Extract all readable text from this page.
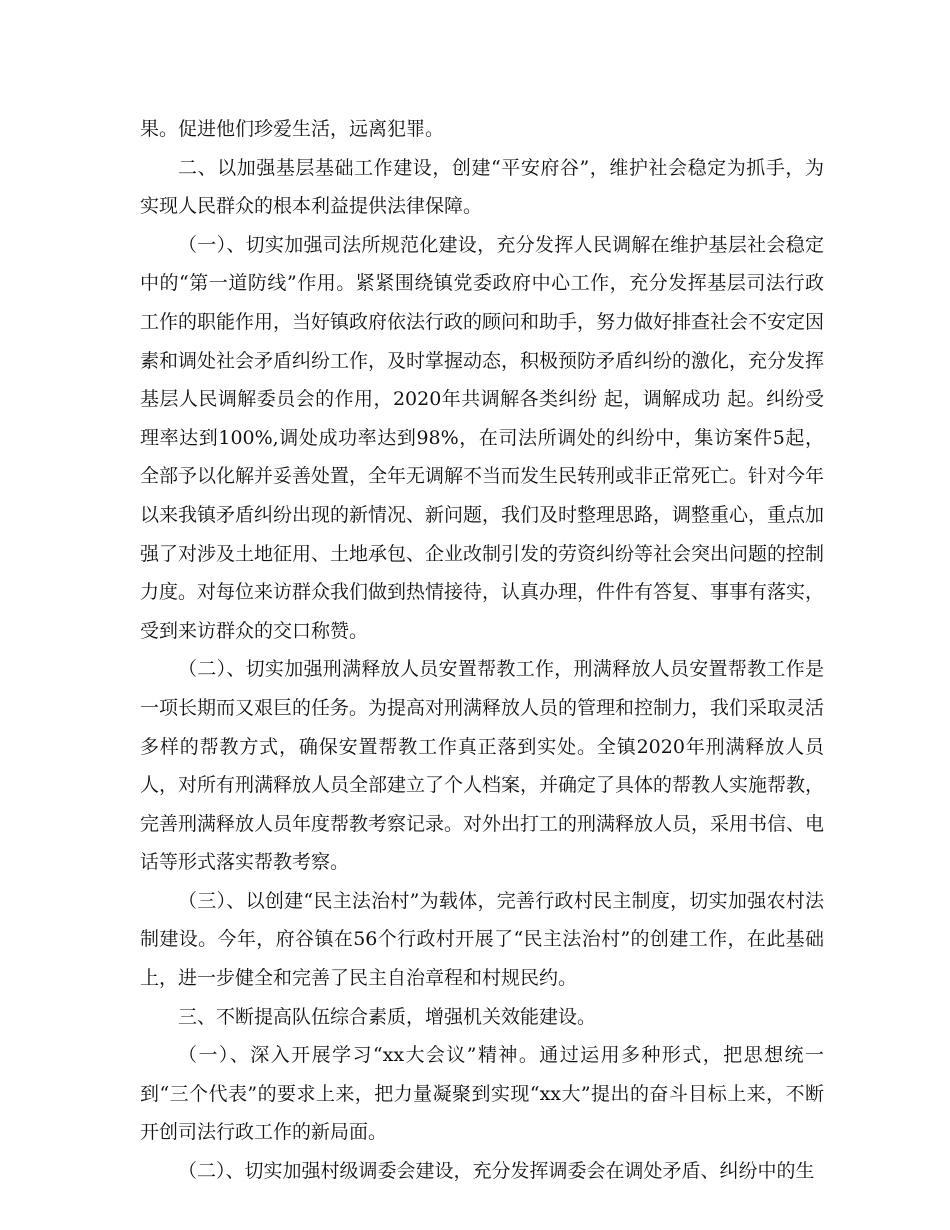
果。促进他们珍爱生活，远离犯罪。

二、以加强基层基础工作建设，创建“平安府谷”，维护社会稳定为抓手，为实现人民群众的根本利益提供法律保障。

（一）、切实加强司法所规范化建设，充分发挥人民调解在维护基层社会稳定中的“第一道防线”作用。紧紧围绕镇党委政府中心工作，充分发挥基层司法行政工作的职能作用，当好镇政府依法行政的顾问和助手，努力做好排查社会不安定因素和调处社会矛盾纠纷工作，及时掌握动态，积极预防矛盾纠纷的激化，充分发挥基层人民调解委员会的作用，2020年共调解各类纠纷 起，调解成功 起。纠纷受理率达到100%,调处成功率达到98%，在司法所调处的纠纷中，集访案件5起，全部予以化解并妥善处置，全年无调解不当而发生民转刑或非正常死亡。针对今年以来我镇矛盾纠纷出现的新情况、新问题，我们及时整理思路，调整重心，重点加强了对涉及土地征用、土地承包、企业改制引发的劳资纠纷等社会突出问题的控制力度。对每位来访群众我们做到热情接待，认真办理，件件有答复、事事有落实，受到来访群众的交口称赞。

（二）、切实加强刑满释放人员安置帮教工作，刑满释放人员安置帮教工作是一项长期而又艰巨的任务。为提高对刑满释放人员的管理和控制力，我们采取灵活多样的帮教方式，确保安置帮教工作真正落到实处。全镇2020年刑满释放人员 人，对所有刑满释放人员全部建立了个人档案，并确定了具体的帮教人实施帮教，完善刑满释放人员年度帮教考察记录。对外出打工的刑满释放人员，采用书信、电话等形式落实帮教考察。

（三）、以创建“民主法治村”为载体，完善行政村民主制度，切实加强农村法制建设。今年，府谷镇在56个行政村开展了“民主法治村”的创建工作，在此基础上，进一步健全和完善了民主自治章程和村规民约。

三、不断提高队伍综合素质，增强机关效能建设。

（一）、深入开展学习“xx大会议”精神。通过运用多种形式，把思想统一到“三个代表”的要求上来，把力量凝聚到实现“xx大”提出的奋斗目标上来，不断开创司法行政工作的新局面。

（二）、切实加强村级调委会建设，充分发挥调委会在调处矛盾、纠纷中的生
